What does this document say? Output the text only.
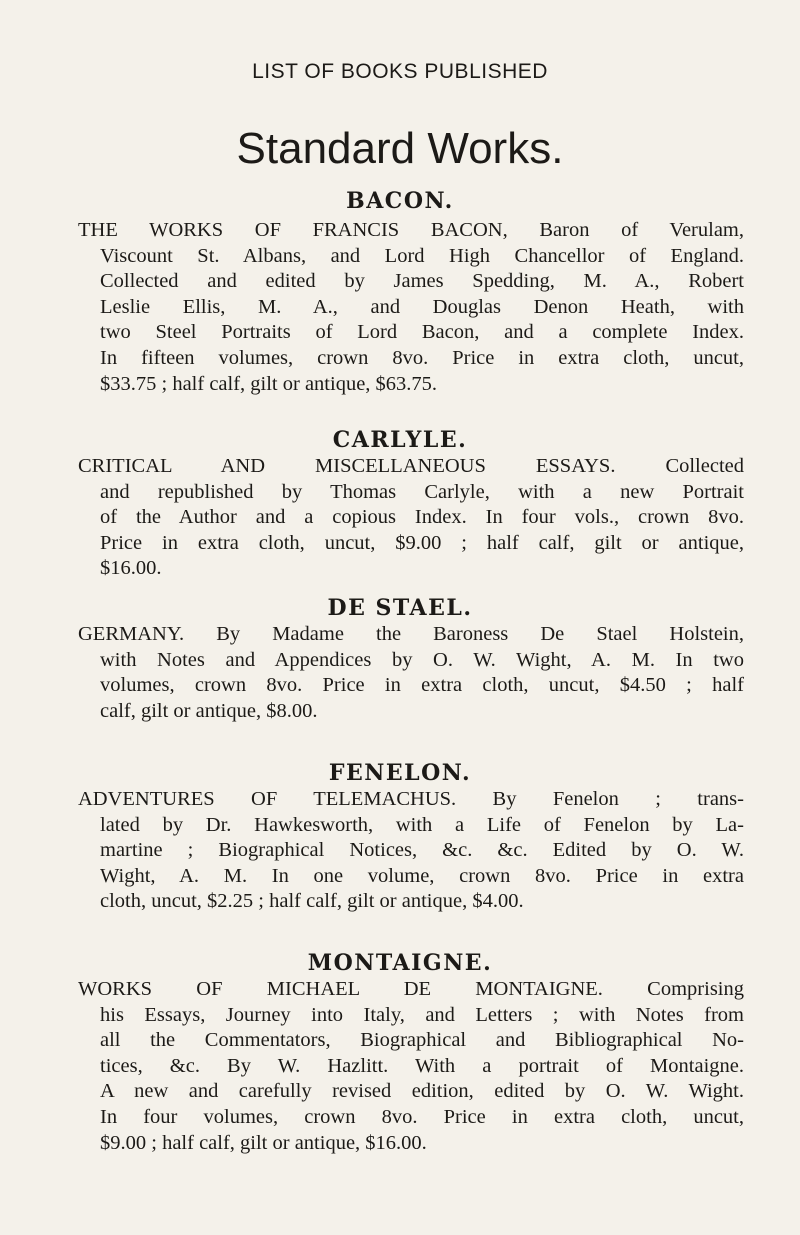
LIST OF BOOKS PUBLISHED
Standard Works.
BACON.
THE WORKS OF FRANCIS BACON, Baron of Verulam,
Viscount St. Albans, and Lord High Chancellor of England.
Collected and edited by James Spedding, M. A., Robert
Leslie Ellis, M. A., and Douglas Denon Heath, with
two Steel Portraits of Lord Bacon, and a complete Index.
In fifteen volumes, crown 8vo. Price in extra cloth, uncut,
$33.75 ; half calf, gilt or antique, $63.75.
CARLYLE.
CRITICAL AND MISCELLANEOUS ESSAYS. Collected
and republished by Thomas Carlyle, with a new Portrait
of the Author and a copious Index. In four vols., crown 8vo.
Price in extra cloth, uncut, $9.00 ; half calf, gilt or antique,
$16.00.
DE STAEL.
GERMANY. By Madame the Baroness De Stael Holstein,
with Notes and Appendices by O. W. Wight, A. M. In two
volumes, crown 8vo. Price in extra cloth, uncut, $4.50 ; half
calf, gilt or antique, $8.00.
FENELON.
ADVENTURES OF TELEMACHUS. By Fenelon ; trans-
lated by Dr. Hawkesworth, with a Life of Fenelon by La-
martine ; Biographical Notices, &c. &c. Edited by O. W.
Wight, A. M. In one volume, crown 8vo. Price in extra
cloth, uncut, $2.25 ; half calf, gilt or antique, $4.00.
MONTAIGNE.
WORKS OF MICHAEL DE MONTAIGNE. Comprising
his Essays, Journey into Italy, and Letters ; with Notes from
all the Commentators, Biographical and Bibliographical No-
tices, &c. By W. Hazlitt. With a portrait of Montaigne.
A new and carefully revised edition, edited by O. W. Wight.
In four volumes, crown 8vo. Price in extra cloth, uncut,
$9.00 ; half calf, gilt or antique, $16.00.
